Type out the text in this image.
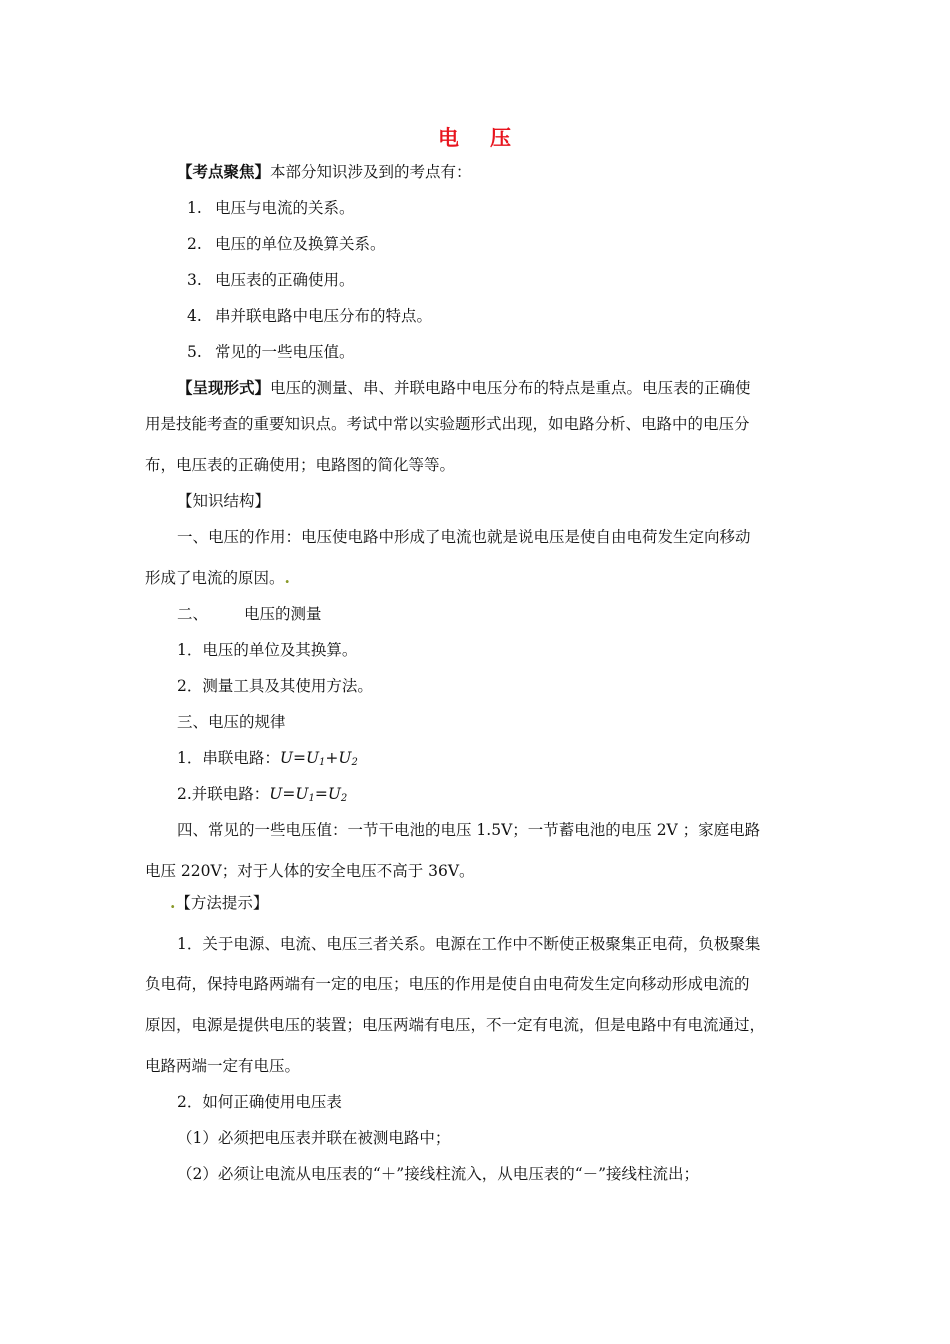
电 压
【考点聚焦】本部分知识涉及到的考点有：
1. 电压与电流的关系。
2. 电压的单位及换算关系。
3. 电压表的正确使用。
4. 串并联电路中电压分布的特点。
5. 常见的一些电压值。
【呈现形式】电压的测量、串、并联电路中电压分布的特点是重点。电压表的正确使
用是技能考查的重要知识点。考试中常以实验题形式出现，如电路分析、电路中的电压分
布，电压表的正确使用；电路图的简化等等。
【知识结构】
一、电压的作用：电压使电路中形成了电流也就是说电压是使自由电荷发生定向移动
形成了电流的原因。.
二、 电压的测量
1．电压的单位及其换算。
2．测量工具及其使用方法。
三、电压的规律
1．串联电路：$U=U_1+U_2$
2.并联电路：$U=U_1=U_2$
四、常见的一些电压值：一节干电池的电压 1.5V；一节蓄电池的电压 2V ；家庭电路
电压 220V；对于人体的安全电压不高于 36V。
.【方法提示】
1．关于电源、电流、电压三者关系。电源在工作中不断使正极聚集正电荷，负极聚集
负电荷，保持电路两端有一定的电压；电压的作用是使自由电荷发生定向移动形成电流的
原因，电源是提供电压的装置；电压两端有电压，不一定有电流，但是电路中有电流通过，
电路两端一定有电压。
2．如何正确使用电压表
（1）必须把电压表并联在被测电路中；
（2）必须让电流从电压表的“＋”接线柱流入，从电压表的“－”接线柱流出；
